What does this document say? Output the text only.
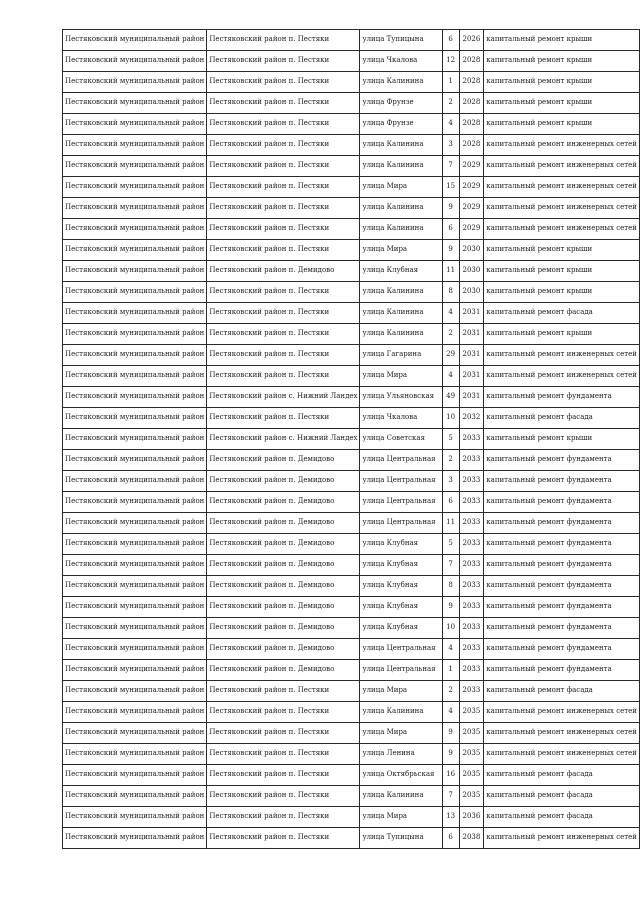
Пестяковский муниципальный район	Пестяковский район п. Пестяки	улица Тупицына	6	2026	капитальный ремонт крыши
Пестяковский муниципальный район	Пестяковский район п. Пестяки	улица Чкалова	12	2028	капитальный ремонт крыши
Пестяковский муниципальный район	Пестяковский район п. Пестяки	улица Калинина	1	2028	капитальный ремонт крыши
Пестяковский муниципальный район	Пестяковский район п. Пестяки	улица Фрунзе	2	2028	капитальный ремонт крыши
Пестяковский муниципальный район	Пестяковский район п. Пестяки	улица Фрунзе	4	2028	капитальный ремонт крыши
Пестяковский муниципальный район	Пестяковский район п. Пестяки	улица Калинина	3	2028	капитальный ремонт инженерных сетей
Пестяковский муниципальный район	Пестяковский район п. Пестяки	улица Калинина	7	2029	капитальный ремонт инженерных сетей
Пестяковский муниципальный район	Пестяковский район п. Пестяки	улица Мира	15	2029	капитальный ремонт инженерных сетей
Пестяковский муниципальный район	Пестяковский район п. Пестяки	улица Калинина	9	2029	капитальный ремонт инженерных сетей
Пестяковский муниципальный район	Пестяковский район п. Пестяки	улица Калинина	6	2029	капитальный ремонт инженерных сетей
Пестяковский муниципальный район	Пестяковский район п. Пестяки	улица Мира	9	2030	капитальный ремонт крыши
Пестяковский муниципальный район	Пестяковский район п. Демидово	улица Клубная	11	2030	капитальный ремонт крыши
Пестяковский муниципальный район	Пестяковский район п. Пестяки	улица Калинина	8	2030	капитальный ремонт крыши
Пестяковский муниципальный район	Пестяковский район п. Пестяки	улица Калинина	4	2031	капитальный ремонт фасада
Пестяковский муниципальный район	Пестяковский район п. Пестяки	улица Калинина	2	2031	капитальный ремонт крыши
Пестяковский муниципальный район	Пестяковский район п. Пестяки	улица Гагарина	29	2031	капитальный ремонт инженерных сетей
Пестяковский муниципальный район	Пестяковский район п. Пестяки	улица Мира	4	2031	капитальный ремонт инженерных сетей
Пестяковский муниципальный район	Пестяковский район с. Нижний Ландех	улица Ульяновская	49	2031	капитальный ремонт фундамента
Пестяковский муниципальный район	Пестяковский район п. Пестяки	улица Чкалова	10	2032	капитальный ремонт фасада
Пестяковский муниципальный район	Пестяковский район с. Нижний Ландех	улица Советская	5	2033	капитальный ремонт крыши
Пестяковский муниципальный район	Пестяковский район п. Демидово	улица Центральная	2	2033	капитальный ремонт фундамента
Пестяковский муниципальный район	Пестяковский район п. Демидово	улица Центральная	3	2033	капитальный ремонт фундамента
Пестяковский муниципальный район	Пестяковский район п. Демидово	улица Центральная	6	2033	капитальный ремонт фундамента
Пестяковский муниципальный район	Пестяковский район п. Демидово	улица Центральная	11	2033	капитальный ремонт фундамента
Пестяковский муниципальный район	Пестяковский район п. Демидово	улица Клубная	5	2033	капитальный ремонт фундамента
Пестяковский муниципальный район	Пестяковский район п. Демидово	улица Клубная	7	2033	капитальный ремонт фундамента
Пестяковский муниципальный район	Пестяковский район п. Демидово	улица Клубная	8	2033	капитальный ремонт фундамента
Пестяковский муниципальный район	Пестяковский район п. Демидово	улица Клубная	9	2033	капитальный ремонт фундамента
Пестяковский муниципальный район	Пестяковский район п. Демидово	улица Клубная	10	2033	капитальный ремонт фундамента
Пестяковский муниципальный район	Пестяковский район п. Демидово	улица Центральная	4	2033	капитальный ремонт фундамента
Пестяковский муниципальный район	Пестяковский район п. Демидово	улица Центральная	1	2033	капитальный ремонт фундамента
Пестяковский муниципальный район	Пестяковский район п. Пестяки	улица Мира	2	2033	капитальный ремонт фасада
Пестяковский муниципальный район	Пестяковский район п. Пестяки	улица Калинина	4	2035	капитальный ремонт инженерных сетей
Пестяковский муниципальный район	Пестяковский район п. Пестяки	улица Мира	9	2035	капитальный ремонт инженерных сетей
Пестяковский муниципальный район	Пестяковский район п. Пестяки	улица Ленина	9	2035	капитальный ремонт инженерных сетей
Пестяковский муниципальный район	Пестяковский район п. Пестяки	улица Октябрьская	16	2035	капитальный ремонт фасада
Пестяковский муниципальный район	Пестяковский район п. Пестяки	улица Калинина	7	2035	капитальный ремонт фасада
Пестяковский муниципальный район	Пестяковский район п. Пестяки	улица Мира	13	2036	капитальный ремонт фасада
Пестяковский муниципальный район	Пестяковский район п. Пестяки	улица Тупицына	6	2038	капитальный ремонт инженерных сетей
